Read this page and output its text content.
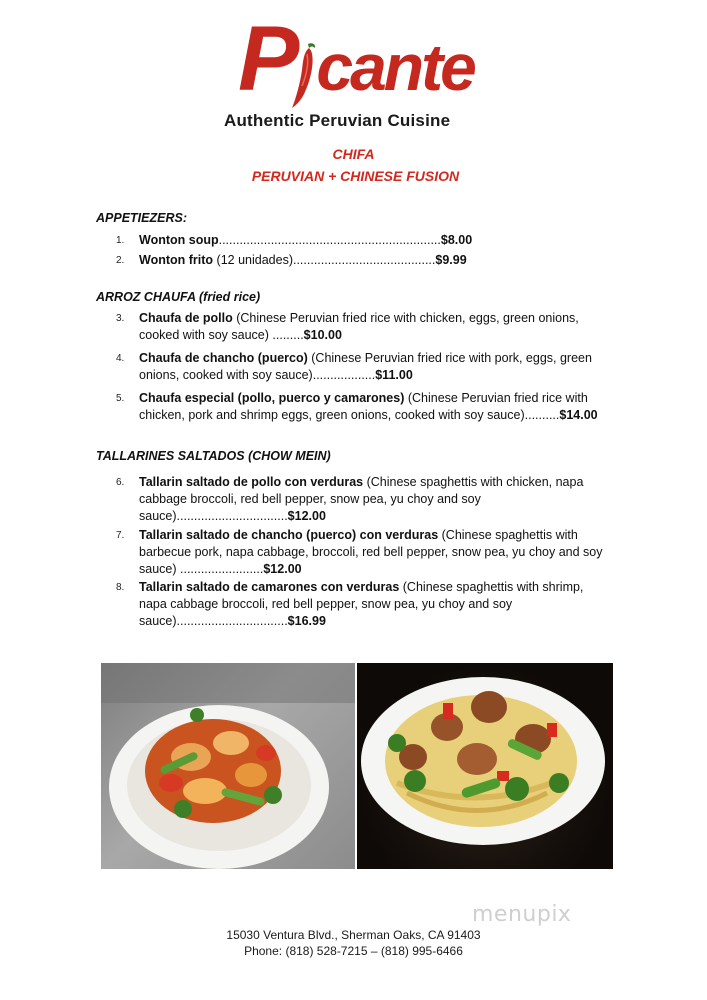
P cante
Authentic Peruvian Cuisine
CHIFA
PERUVIAN + CHINESE FUSION
APPETIEZERS:
1. Wonton soup................................................................$8.00
2. Wonton frito (12 unidades).........................................$9.99
ARROZ CHAUFA (fried rice)
3. Chaufa de pollo (Chinese Peruvian fried rice with chicken, eggs, green onions, cooked with soy sauce) .........$10.00
4. Chaufa de chancho (puerco) (Chinese Peruvian fried rice with pork, eggs, green onions, cooked with soy sauce)..................$11.00
5. Chaufa especial (pollo, puerco y camarones) (Chinese Peruvian fried rice with chicken, pork and shrimp eggs, green onions, cooked with soy sauce)..........$14.00
TALLARINES SALTADOS (CHOW MEIN)
6. Tallarin saltado de pollo con verduras (Chinese spaghettis with chicken, napa cabbage broccoli, red bell pepper, snow pea, yu choy and soy sauce)................................$12.00
7. Tallarin saltado de chancho (puerco) con verduras (Chinese spaghettis with barbecue pork, napa cabbage, broccoli, red bell pepper, snow pea, yu choy and soy sauce) ........................$12.00
8. Tallarin saltado de camarones con verduras (Chinese spaghettis with shrimp, napa cabbage broccoli, red bell pepper, snow pea, yu choy and soy sauce)................................$16.99
menupix
15030 Ventura Blvd., Sherman Oaks, CA 91403
Phone: (818) 528-7215 – (818) 995-6466
